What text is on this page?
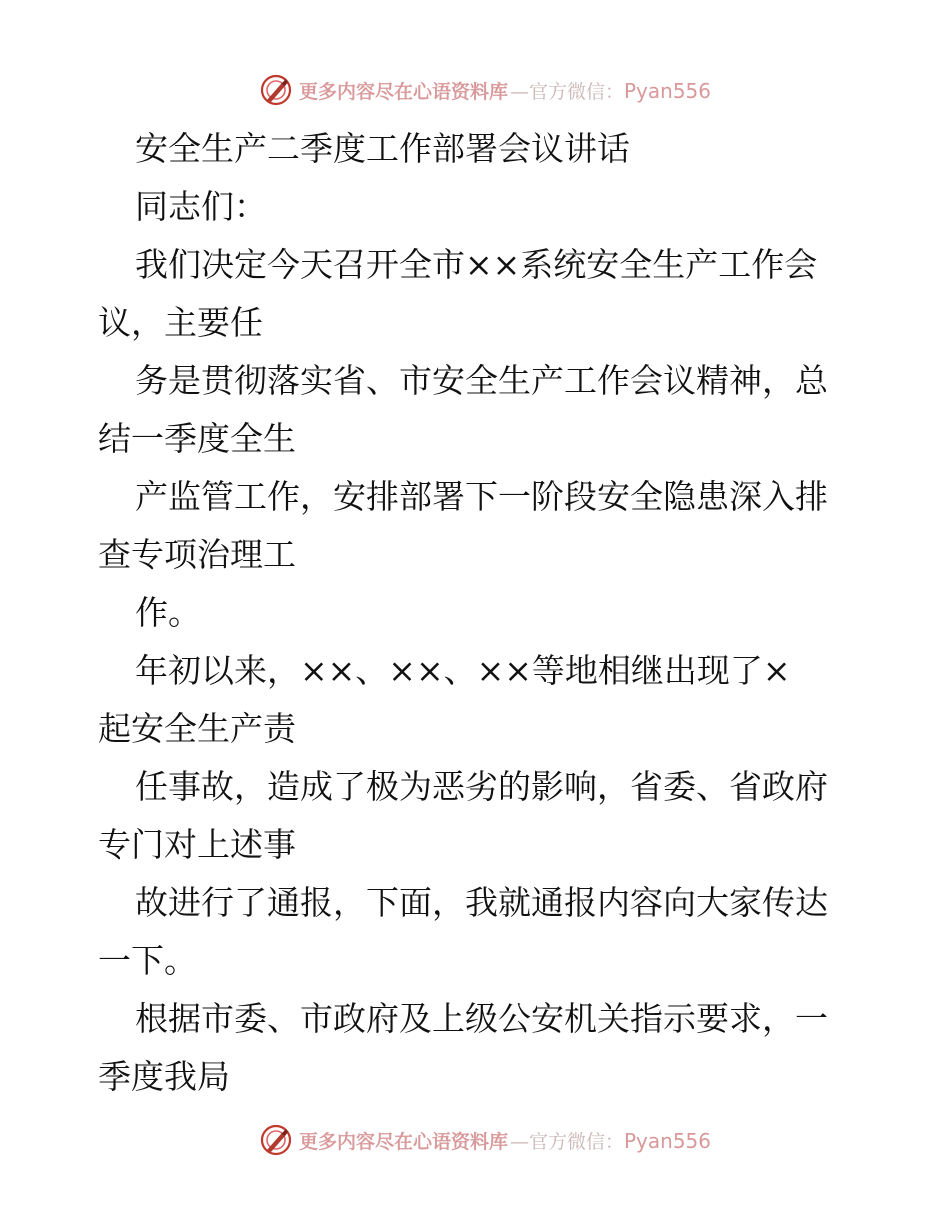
更多内容尽在心语资料库 —官方微信：Pyan556
安全生产二季度工作部署会议讲话
同志们：
我们决定今天召开全市××系统安全生产工作会
议，主要任
务是贯彻落实省、市安全生产工作会议精神，总
结一季度全生
产监管工作，安排部署下一阶段安全隐患深入排
查专项治理工
作。
年初以来，××、××、××等地相继出现了×
起安全生产责
任事故，造成了极为恶劣的影响，省委、省政府
专门对上述事
故进行了通报，下面，我就通报内容向大家传达
一下。
根据市委、市政府及上级公安机关指示要求，一
季度我局
更多内容尽在心语资料库 —官方微信：Pyan556
